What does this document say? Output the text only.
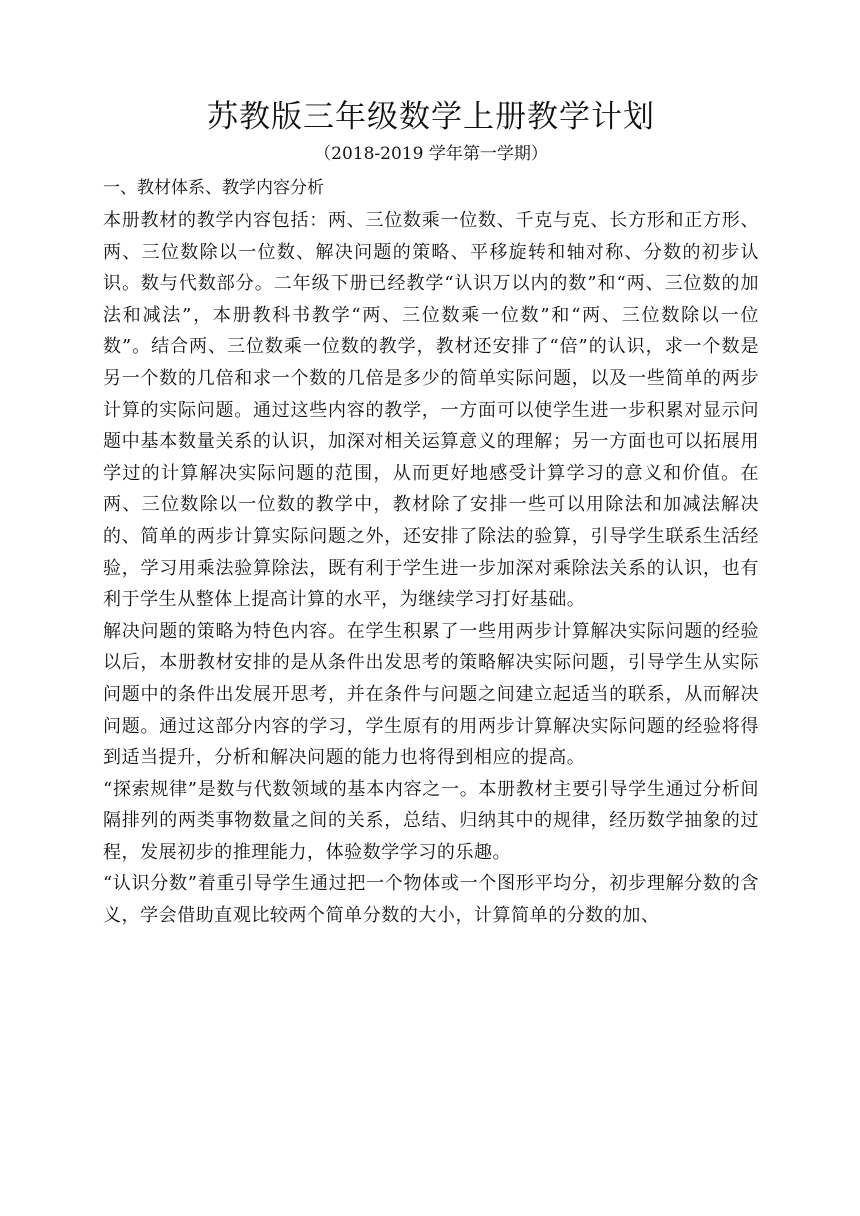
苏教版三年级数学上册教学计划

（2018-2019 学年第一学期）

一、教材体系、教学内容分析

本册教材的教学内容包括：两、三位数乘一位数、千克与克、长方形和正方形、两、三位数除以一位数、解决问题的策略、平移旋转和轴对称、分数的初步认识。数与代数部分。二年级下册已经教学“认识万以内的数”和“两、三位数的加法和减法”，本册教科书教学“两、三位数乘一位数”和“两、三位数除以一位数”。结合两、三位数乘一位数的教学，教材还安排了“倍”的认识，求一个数是另一个数的几倍和求一个数的几倍是多少的简单实际问题，以及一些简单的两步计算的实际问题。通过这些内容的教学，一方面可以使学生进一步积累对显示问题中基本数量关系的认识，加深对相关运算意义的理解；另一方面也可以拓展用学过的计算解决实际问题的范围，从而更好地感受计算学习的意义和价值。在两、三位数除以一位数的教学中，教材除了安排一些可以用除法和加减法解决的、简单的两步计算实际问题之外，还安排了除法的验算，引导学生联系生活经验，学习用乘法验算除法，既有利于学生进一步加深对乘除法关系的认识，也有利于学生从整体上提高计算的水平，为继续学习打好基础。

解决问题的策略为特色内容。在学生积累了一些用两步计算解决实际问题的经验以后，本册教材安排的是从条件出发思考的策略解决实际问题，引导学生从实际问题中的条件出发展开思考，并在条件与问题之间建立起适当的联系，从而解决问题。通过这部分内容的学习，学生原有的用两步计算解决实际问题的经验将得到适当提升，分析和解决问题的能力也将得到相应的提高。

“探索规律”是数与代数领域的基本内容之一。本册教材主要引导学生通过分析间隔排列的两类事物数量之间的关系，总结、归纳其中的规律，经历数学抽象的过程，发展初步的推理能力，体验数学学习的乐趣。

“认识分数”着重引导学生通过把一个物体或一个图形平均分，初步理解分数的含义，学会借助直观比较两个简单分数的大小，计算简单的分数的加、
